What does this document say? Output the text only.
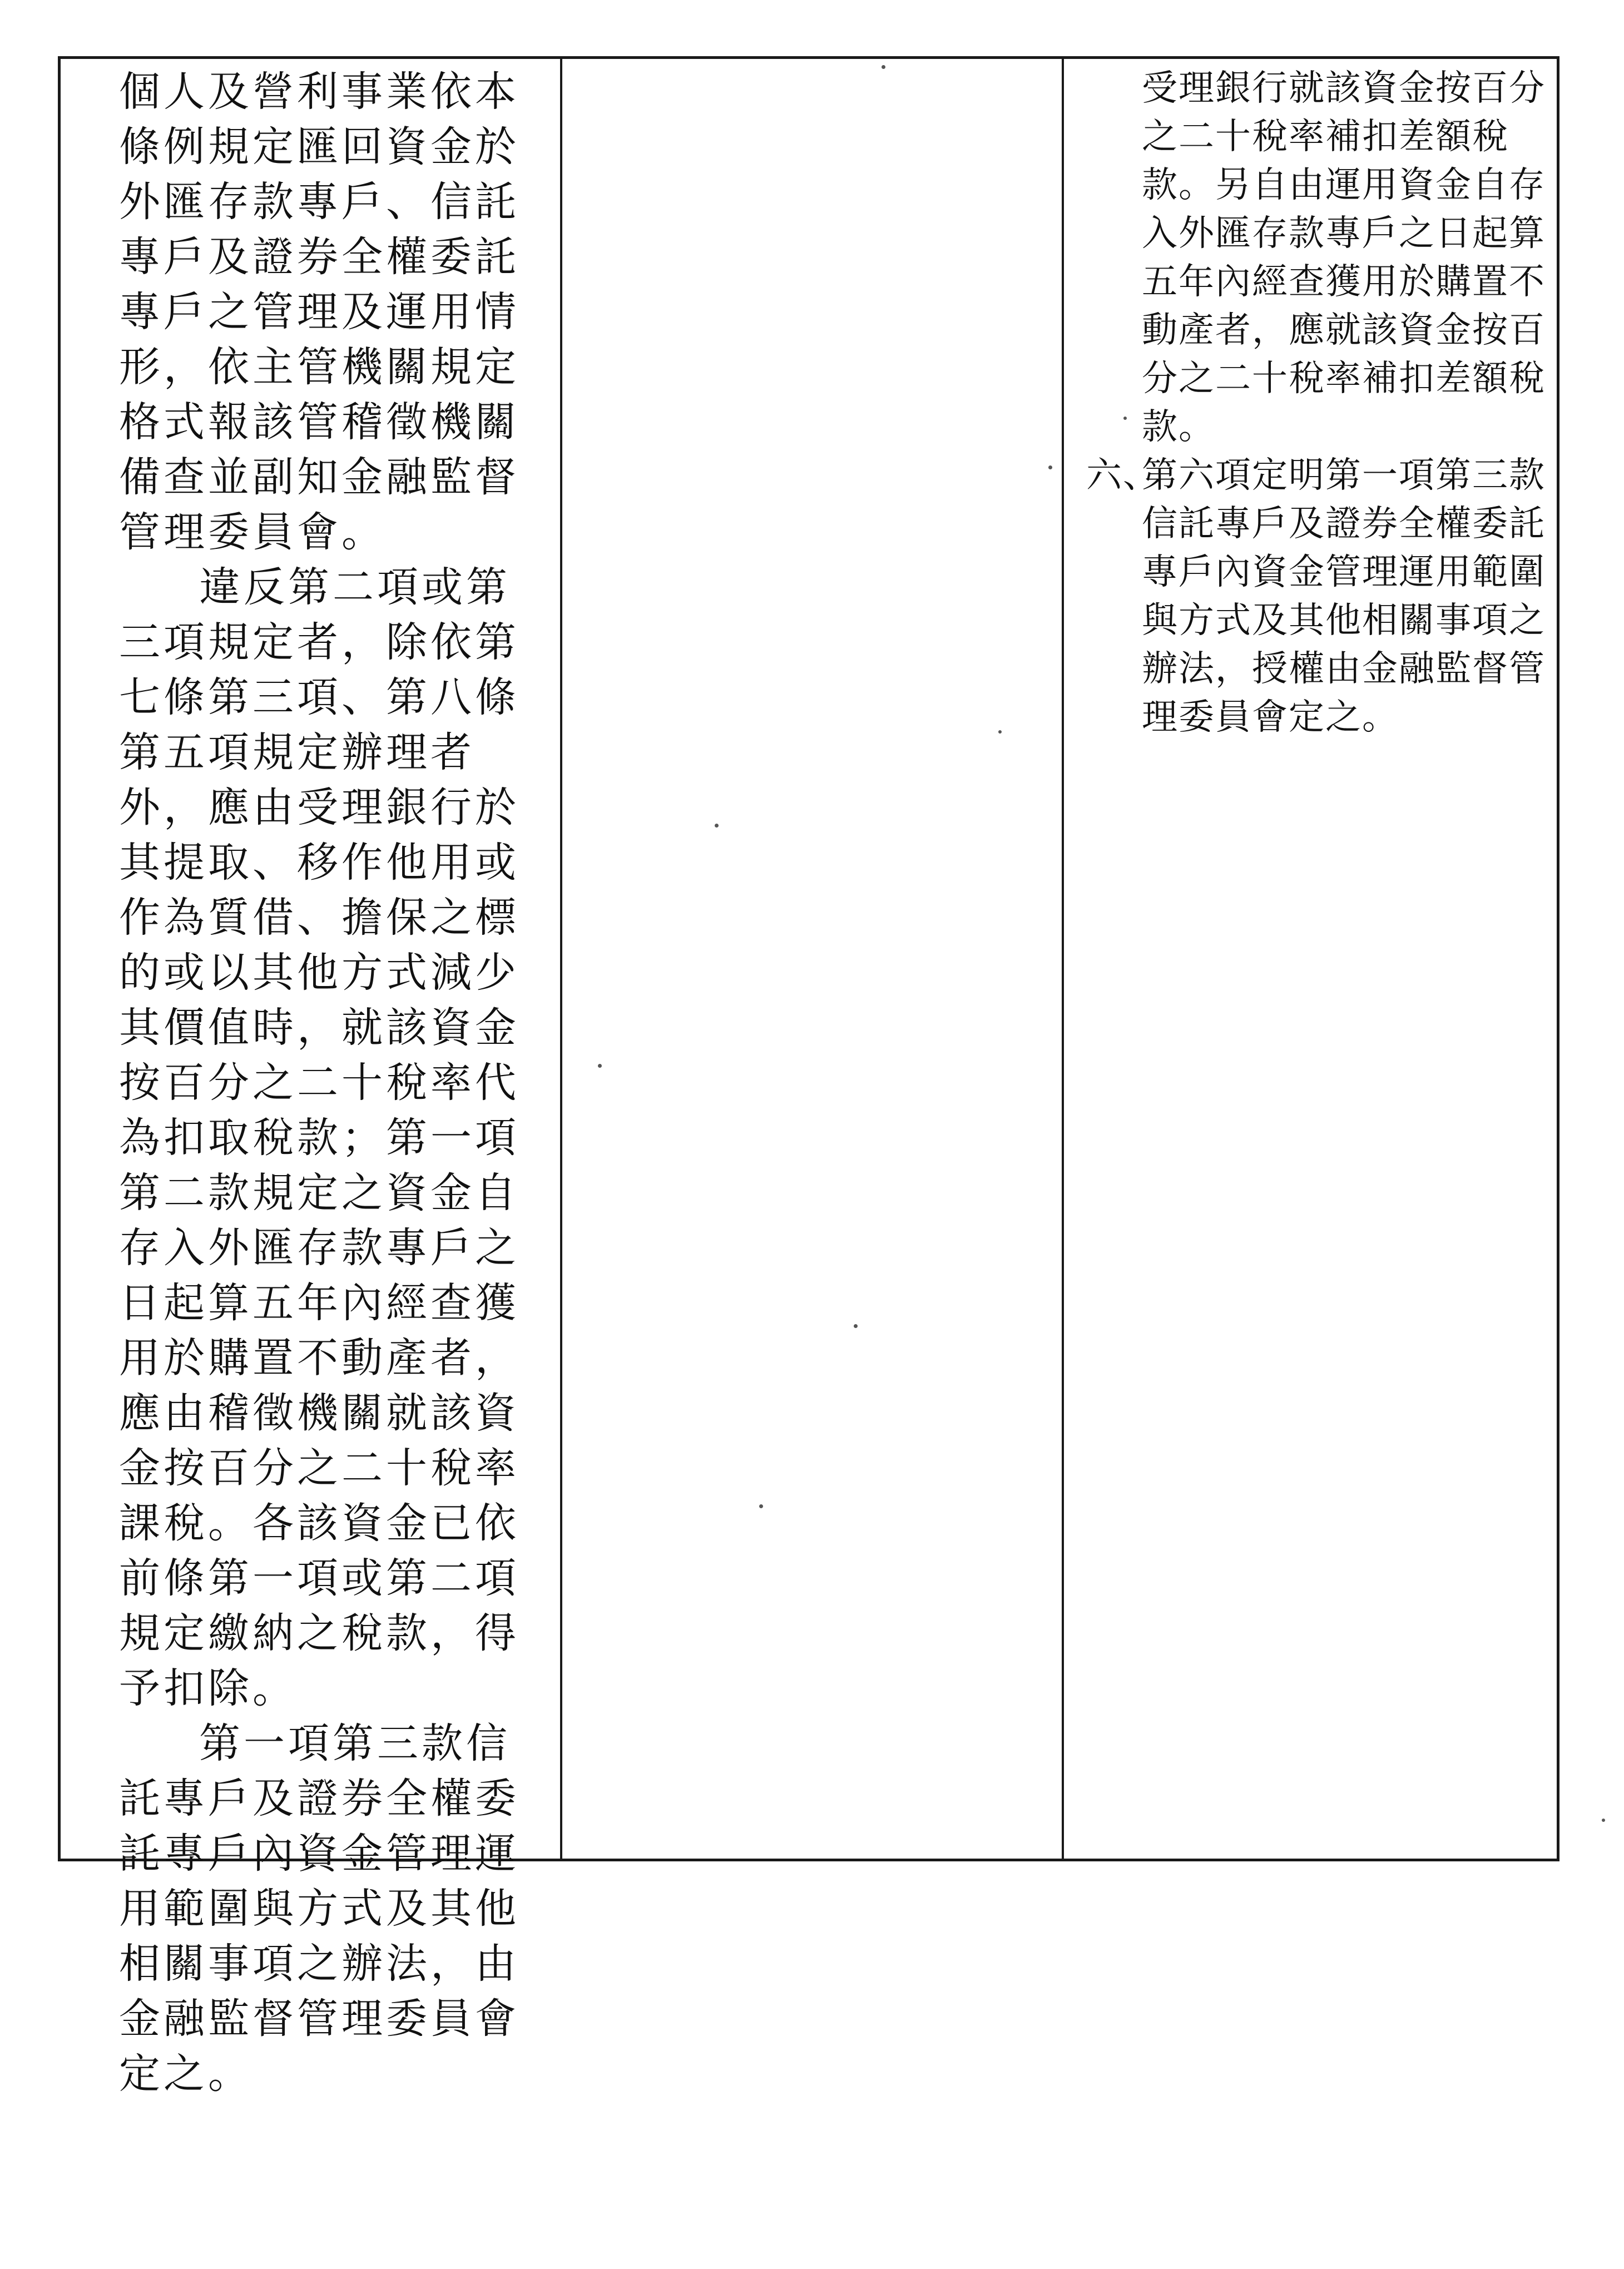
個人及營利事業依本條例規定匯回資金於外匯存款專戶、信託專戶及證券全權委託專戶之管理及運用情形，依主管機關規定格式報該管稽徵機關備查並副知金融監督管理委員會。

違反第二項或第三項規定者，除依第七條第三項、第八條第五項規定辦理者外，應由受理銀行於其提取、移作他用或作為質借、擔保之標的或以其他方式減少其價值時，就該資金按百分之二十稅率代為扣取稅款；第一項第二款規定之資金自存入外匯存款專戶之日起算五年內經查獲用於購置不動產者，應由稽徵機關就該資金按百分之二十稅率課稅。各該資金已依前條第一項或第二項規定繳納之稅款，得予扣除。

第一項第三款信託專戶及證券全權委託專戶內資金管理運用範圍與方式及其他相關事項之辦法，由金融監督管理委員會定之。

受理銀行就該資金按百分之二十稅率補扣差額稅款。另自由運用資金自存入外匯存款專戶之日起算五年內經查獲用於購置不動產者，應就該資金按百分之二十稅率補扣差額稅款。
六、
第六項定明第一項第三款信託專戶及證券全權委託專戶內資金管理運用範圍與方式及其他相關事項之辦法，授權由金融監督管理委員會定之。
